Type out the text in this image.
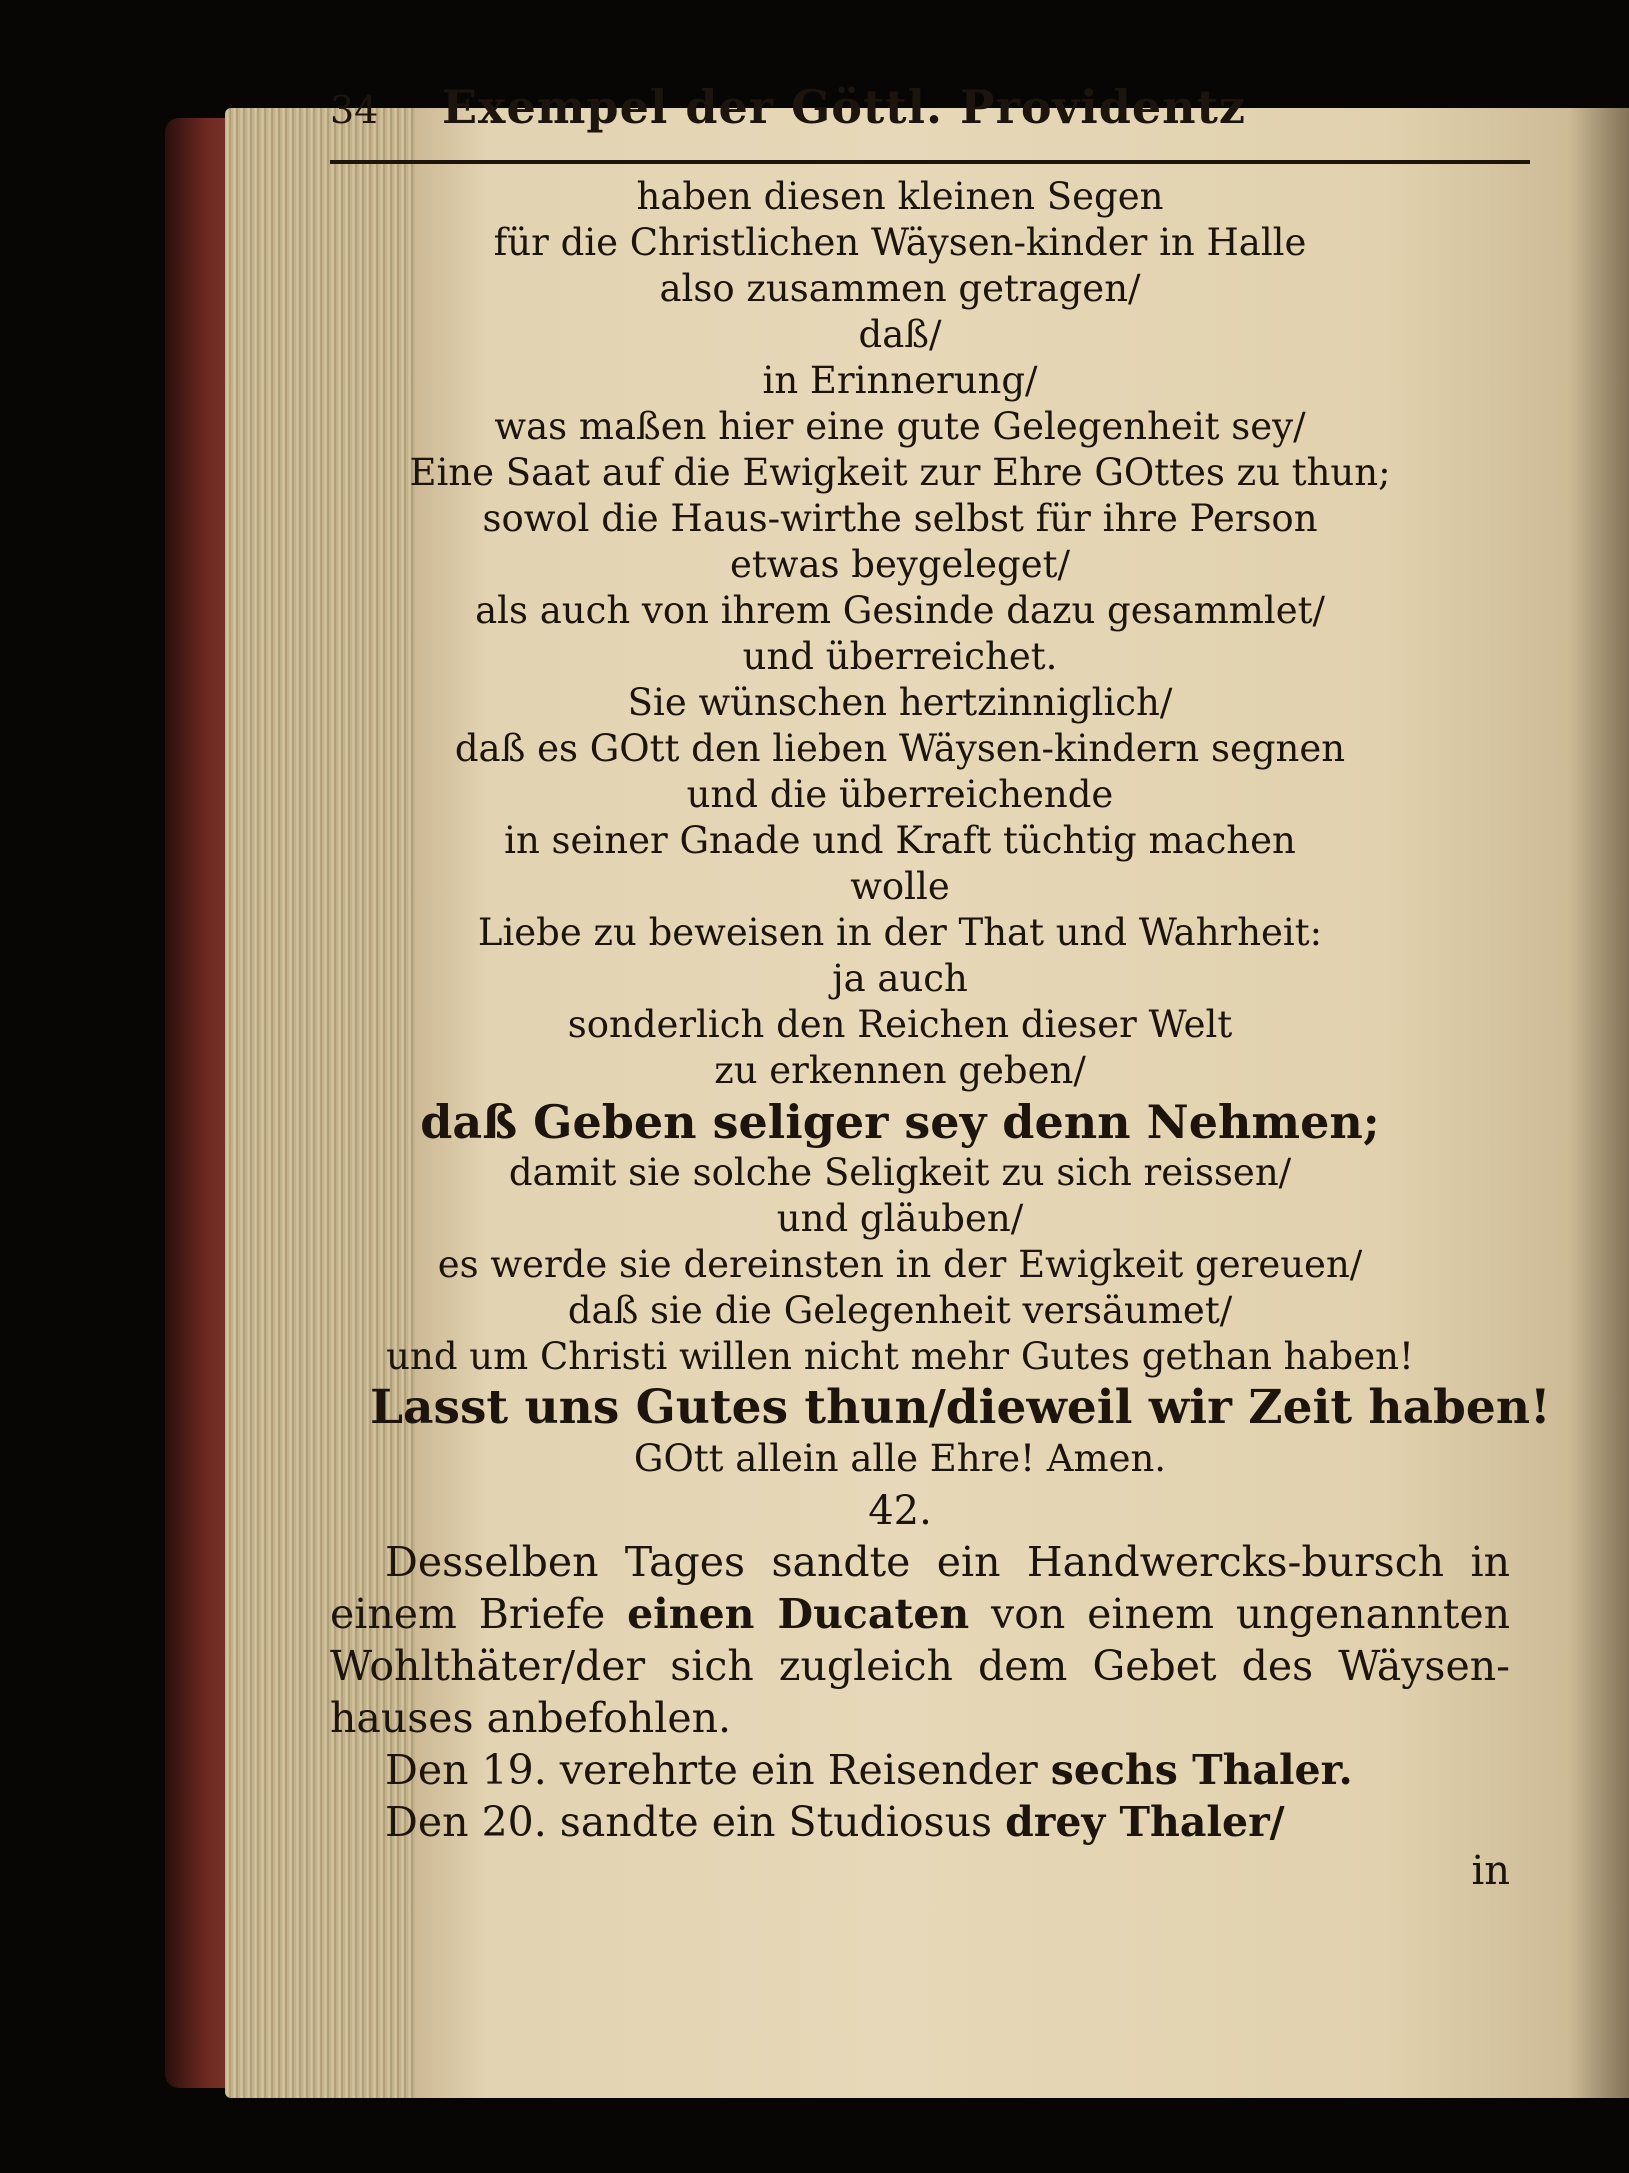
34 Exempel der Göttl. Providentz
haben diesen kleinen Segen
für die Christlichen Wäysen-kinder in Halle
also zusammen getragen/
daß/
in Erinnerung/
was maßen hier eine gute Gelegenheit sey/
Eine Saat auf die Ewigkeit zur Ehre GOttes zu thun;
sowol die Haus-wirthe selbst für ihre Person
etwas beygeleget/
als auch von ihrem Gesinde dazu gesammlet/
und überreichet.
Sie wünschen hertzinniglich/
daß es GOtt den lieben Wäysen-kindern segnen
und die überreichende
in seiner Gnade und Kraft tüchtig machen
wolle
Liebe zu beweisen in der That und Wahrheit:
ja auch
sonderlich den Reichen dieser Welt
zu erkennen geben/
daß Geben seliger sey denn Nehmen;
damit sie solche Seligkeit zu sich reissen/
und gläuben/
es werde sie dereinsten in der Ewigkeit gereuen/
daß sie die Gelegenheit versäumet/
und um Christi willen nicht mehr Gutes gethan haben!
Lasst uns Gutes thun/dieweil wir Zeit haben!
GOtt allein alle Ehre! Amen.
42.
Desselben Tages sandte ein Handwercks-bursch in einem Briefe einen Ducaten von einem ungenannten Wohlthäter/der sich zugleich dem Gebet des Wäysen-hauses anbefohlen.
Den 19. verehrte ein Reisender sechs Thaler.
Den 20. sandte ein Studiosus drey Thaler/
in
